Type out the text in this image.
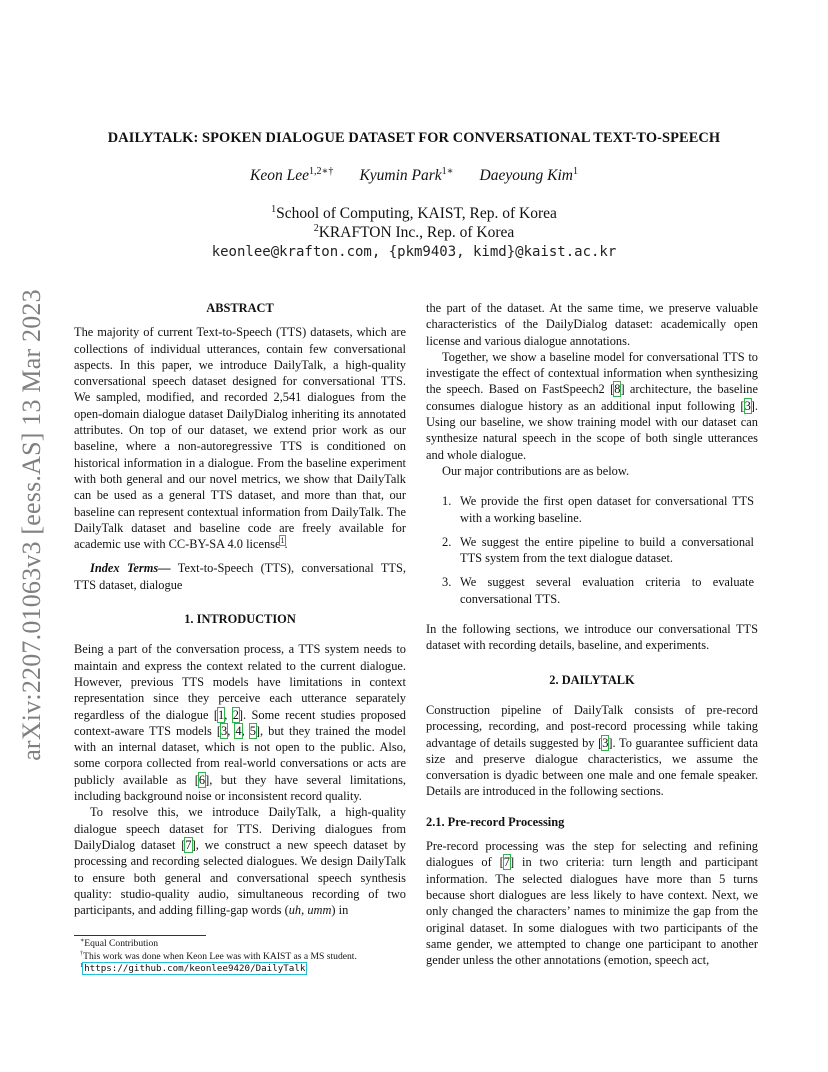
arXiv:2207.01063v3 [eess.AS] 13 Mar 2023
DAILYTALK: SPOKEN DIALOGUE DATASET FOR CONVERSATIONAL TEXT-TO-SPEECH
Keon Lee$^{1,2∗\dagger}$ Kyumin Park$^{1∗}$ Daeyoung Kim$^1$
$^1$School of Computing, KAIST, Rep. of Korea
$^2$KRAFTON Inc., Rep. of Korea
keonlee@krafton.com, {pkm9403, kimd}@kaist.ac.kr

ABSTRACT

The majority of current Text-to-Speech (TTS) datasets, which are collections of individual utterances, contain few conversational aspects. In this paper, we introduce DailyTalk, a high-quality conversational speech dataset designed for conversational TTS. We sampled, modified, and recorded 2,541 dialogues from the open-domain dialogue dataset DailyDialog inheriting its annotated attributes. On top of our dataset, we extend prior work as our baseline, where a non-autoregressive TTS is conditioned on historical information in a dialogue. From the baseline experiment with both general and our novel metrics, we show that DailyTalk can be used as a general TTS dataset, and more than that, our baseline can represent contextual information from DailyTalk. The DailyTalk dataset and baseline code are freely available for academic use with CC-BY-SA 4.0 license$^1$.

Index Terms— Text-to-Speech (TTS), conversational TTS, TTS dataset, dialogue

1. INTRODUCTION

Being a part of the conversation process, a TTS system needs to maintain and express the context related to the current dialogue. However, previous TTS models have limitations in context representation since they perceive each utterance separately regardless of the dialogue [1, 2]. Some recent studies proposed context-aware TTS models [3, 4, 5], but they trained the model with an internal dataset, which is not open to the public. Also, some corpora collected from real-world conversations or acts are publicly available as [6], but they have several limitations, including background noise or inconsistent record quality.

To resolve this, we introduce DailyTalk, a high-quality dialogue speech dataset for TTS. Deriving dialogues from DailyDialog dataset [7], we construct a new speech dataset by processing and recording selected dialogues. We design DailyTalk to ensure both general and conversational speech synthesis quality: studio-quality audio, simultaneous recording of two participants, and adding filling-gap words (uh, umm) in

∗Equal Contribution
†This work was done when Keon Lee was with KAIST as a MS student.
$^1$https://github.com/keonlee9420/DailyTalk

the part of the dataset. At the same time, we preserve valuable characteristics of the DailyDialog dataset: academically open license and various dialogue annotations.

Together, we show a baseline model for conversational TTS to investigate the effect of contextual information when synthesizing the speech. Based on FastSpeech2 [8] architecture, the baseline consumes dialogue history as an additional input following [3]. Using our baseline, we show training model with our dataset can synthesize natural speech in the scope of both single utterances and whole dialogue.

Our major contributions are as below.

1. We provide the first open dataset for conversational TTS with a working baseline.
2. We suggest the entire pipeline to build a conversational TTS system from the text dialogue dataset.
3. We suggest several evaluation criteria to evaluate conversational TTS.

In the following sections, we introduce our conversational TTS dataset with recording details, baseline, and experiments.

2. DAILYTALK

Construction pipeline of DailyTalk consists of pre-record processing, recording, and post-record processing while taking advantage of details suggested by [3]. To guarantee sufficient data size and preserve dialogue characteristics, we assume the conversation is dyadic between one male and one female speaker. Details are introduced in the following sections.

2.1. Pre-record Processing

Pre-record processing was the step for selecting and refining dialogues of [7] in two criteria: turn length and participant information. The selected dialogues have more than 5 turns because short dialogues are less likely to have context. Next, we only changed the characters’ names to minimize the gap from the original dataset. In some dialogues with two participants of the same gender, we attempted to change one participant to another gender unless the other annotations (emotion, speech act,
